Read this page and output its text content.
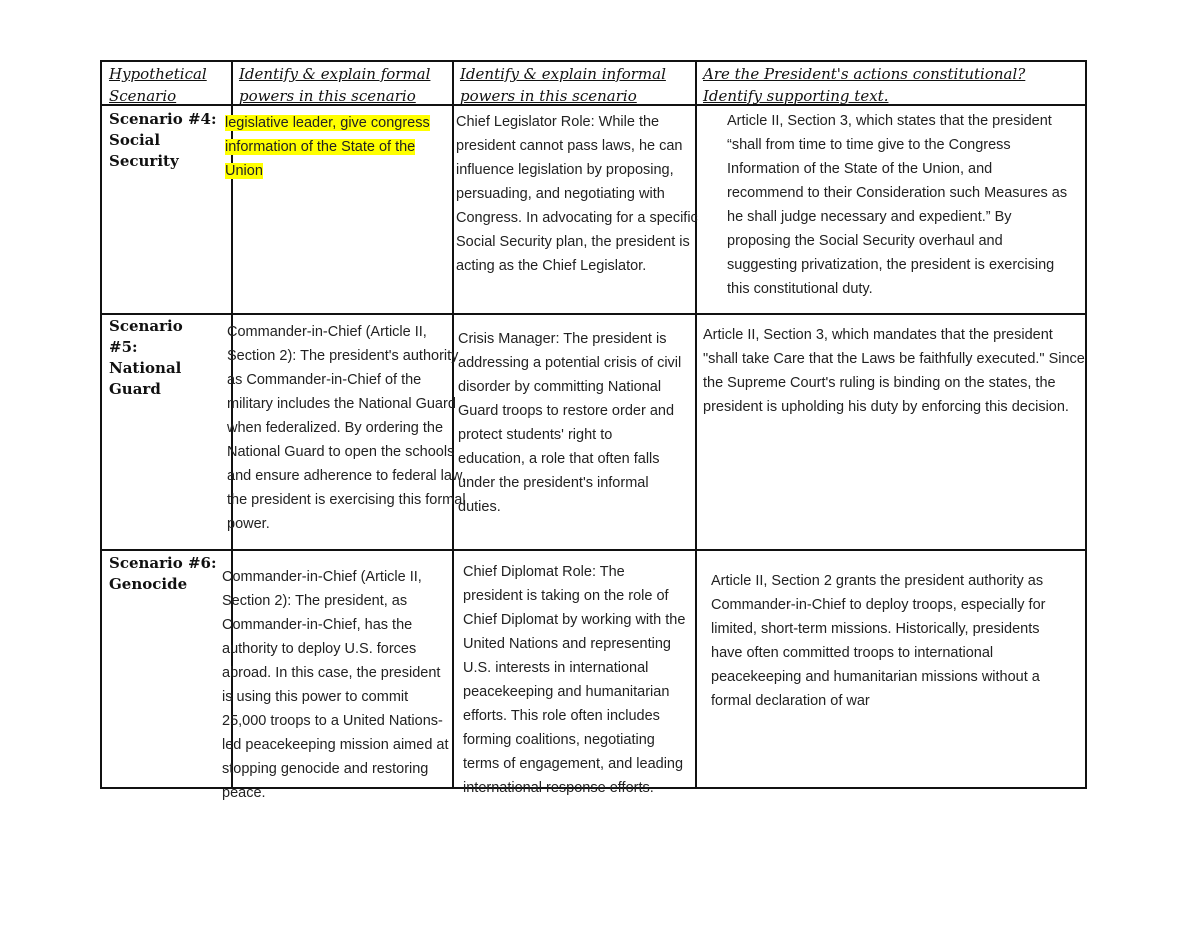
Hypothetical Scenario
Identify & explain formal powers in this scenario
Identify & explain informal powers in this scenario
Are the President's actions constitutional? Identify supporting text.
Scenario #4: Social Security
legislative leader, give congress information of the State of the Union
Chief Legislator Role: While the president cannot pass laws, he can influence legislation by proposing, persuading, and negotiating with Congress. In advocating for a specific Social Security plan, the president is acting as the Chief Legislator.
Article II, Section 3, which states that the president “shall from time to time give to the Congress Information of the State of the Union, and recommend to their Consideration such Measures as he shall judge necessary and expedient.” By proposing the Social Security overhaul and suggesting privatization, the president is exercising this constitutional duty.
Scenario #5: National Guard
Commander-in-Chief (Article II, Section 2): The president's authority as Commander-in-Chief of the military includes the National Guard when federalized. By ordering the National Guard to open the schools and ensure adherence to federal law, the president is exercising this formal power.
Crisis Manager: The president is addressing a potential crisis of civil disorder by committing National Guard troops to restore order and protect students' right to education, a role that often falls under the president's informal duties.
Article II, Section 3, which mandates that the president "shall take Care that the Laws be faithfully executed." Since the Supreme Court's ruling is binding on the states, the president is upholding his duty by enforcing this decision.
Scenario #6: Genocide	Commander-in-Chief (Article II, Section 2): The president, as Commander-in-Chief, has the authority to deploy U.S. forces abroad. In this case, the president is using this power to commit 25,000 troops to a United Nations-led peacekeeping mission aimed at stopping genocide and restoring peace.
Chief Diplomat Role: The president is taking on the role of Chief Diplomat by working with the United Nations and representing U.S. interests in international peacekeeping and humanitarian efforts. This role often includes forming coalitions, negotiating terms of engagement, and leading international response efforts.
Article II, Section 2 grants the president authority as Commander-in-Chief to deploy troops, especially for limited, short-term missions. Historically, presidents have often committed troops to international peacekeeping and humanitarian missions without a formal declaration of war
